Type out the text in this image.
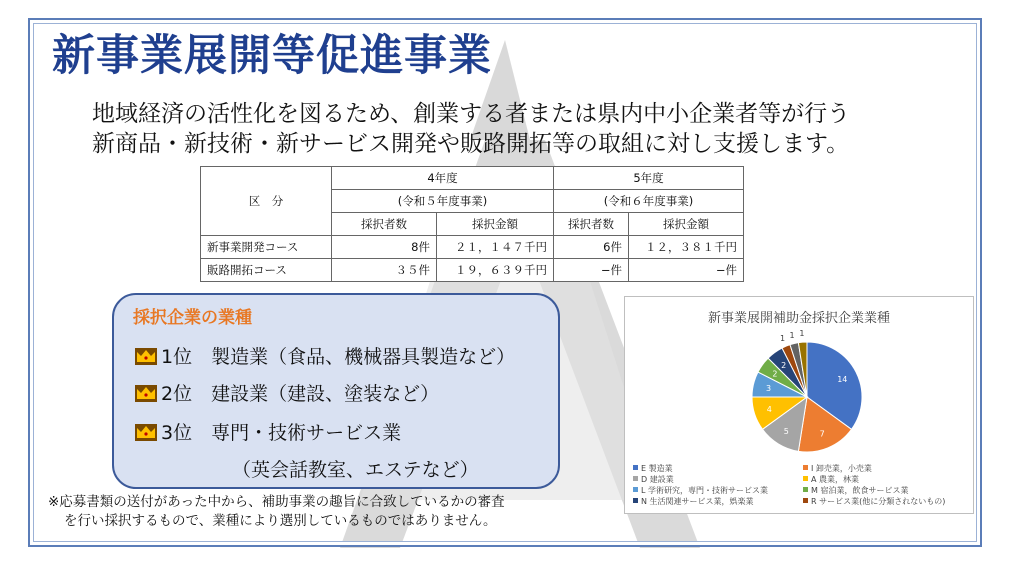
新事業展開等促進事業
地域経済の活性化を図るため、創業する者または県内中小企業者等が行う
新商品・新技術・新サービス開発や販路開拓等の取組に対し支援します。
区　分	4年度		5年度	
	(令和５年度事業)		(令和６年度事業)	
	採択者数	採択金額	採択者数	採択金額
新事業開発コース	8件	２１，１４７千円	6件	１２，３８１千円
販路開拓コース	３５件	１９，６３９千円	−件	−件
採択企業の業種
1位　 製造業（食品、機械器具製造など）
2位　 建設業（建設、塗装など）
3位　 専門・技術サービス業
（英会話教室、エステなど）
※応募書類の送付があった中から、補助事業の趣旨に合致しているかの審査
を行い採択するもので、業種により選別しているものではありません。
新事業展開補助金採択企業業種
14
7
5
4
3
2
2
1 1 1
E 製造業	I 卸売業，小売業
D 建設業	A 農業，林業
L 学術研究，専門・技術サービス業	M 宿泊業，飲食サービス業
N 生活関連サービス業，娯楽業	R サービス業(他に分類されないもの)
